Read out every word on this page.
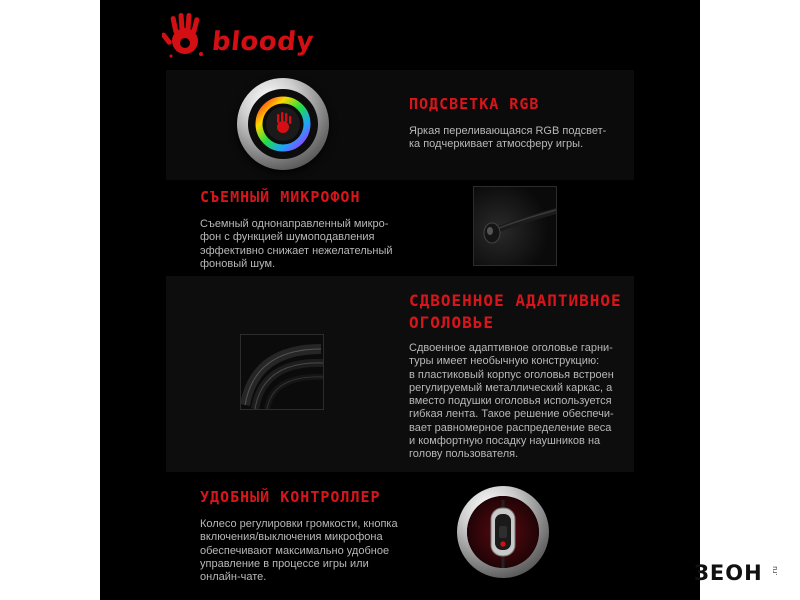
bloody
ПОДСВЕТКА RGB
Яркая переливающаяся RGB подсвет-
ка подчеркивает атмосферу игры.
СЪЕМНЫЙ МИКРОФОН
Съемный однонаправленный микро-
фон с функцией шумоподавления
эффективно снижает нежелательный
фоновый шум.
СДВОЕННОЕ АДАПТИВНОЕ
ОГОЛОВЬЕ
Сдвоенное адаптивное оголовье гарни-
туры имеет необычную конструкцию:
в пластиковый корпус оголовья встроен
регулируемый металлический каркас, а
вместо подушки оголовья используется
гибкая лента. Такое решение обеспечи-
вает равномерное распределение веса
и комфортную посадку наушников на
голову пользователя.
УДОБНЫЙ КОНТРОЛЛЕР
Колесо регулировки громкости, кнопка
включения/выключения микрофона
обеспечивают максимально удобное
управление в процессе игры или
онлайн-чате.	ЗЕОН .ru
